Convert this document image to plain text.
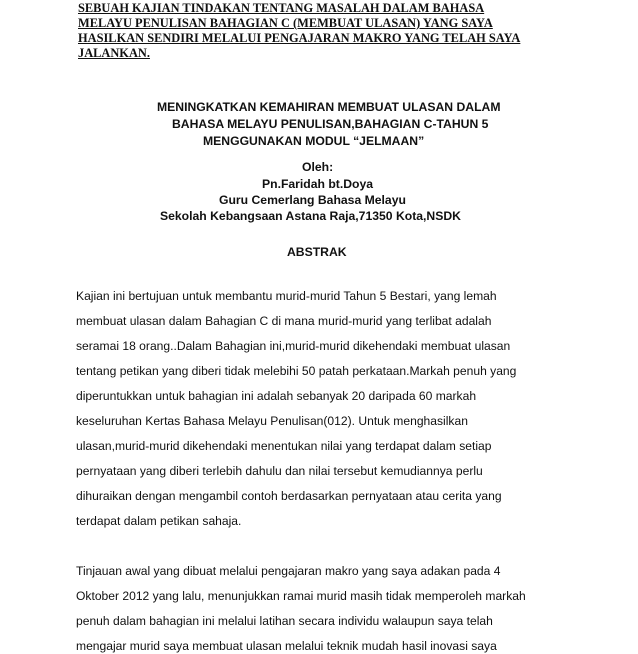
SEBUAH KAJIAN TINDAKAN TENTANG MASALAH DALAM BAHASA
MELAYU PENULISAN BAHAGIAN C (MEMBUAT ULASAN) YANG SAYA
HASILKAN SENDIRI MELALUI PENGAJARAN MAKRO YANG TELAH SAYA
JALANKAN.
MENINGKATKAN KEMAHIRAN MEMBUAT ULASAN DALAM
BAHASA MELAYU PENULISAN,BAHAGIAN C-TAHUN 5
MENGGUNAKAN MODUL “JELMAAN”
Oleh:
Pn.Faridah bt.Doya
Guru Cemerlang Bahasa Melayu
Sekolah Kebangsaan Astana Raja,71350 Kota,NSDK
ABSTRAK
Kajian ini bertujuan untuk membantu murid-murid Tahun 5 Bestari, yang lemah
membuat ulasan dalam Bahagian C di mana murid-murid yang terlibat adalah
seramai 18 orang..Dalam Bahagian ini,murid-murid dikehendaki membuat ulasan
tentang petikan yang diberi tidak melebihi 50 patah perkataan.Markah penuh yang
diperuntukkan untuk bahagian ini adalah sebanyak 20 daripada 60 markah
keseluruhan Kertas Bahasa Melayu Penulisan(012). Untuk menghasilkan
ulasan,murid-murid dikehendaki menentukan nilai yang terdapat dalam setiap
pernyataan yang diberi terlebih dahulu dan nilai tersebut kemudiannya perlu
dihuraikan dengan mengambil contoh berdasarkan pernyataan atau cerita yang
terdapat dalam petikan sahaja.
Tinjauan awal yang dibuat melalui pengajaran makro yang saya adakan pada 4
Oktober 2012 yang lalu, menunjukkan ramai murid masih tidak memperoleh markah
penuh dalam bahagian ini melalui latihan secara individu walaupun saya telah
mengajar murid saya membuat ulasan melalui teknik mudah hasil inovasi saya
